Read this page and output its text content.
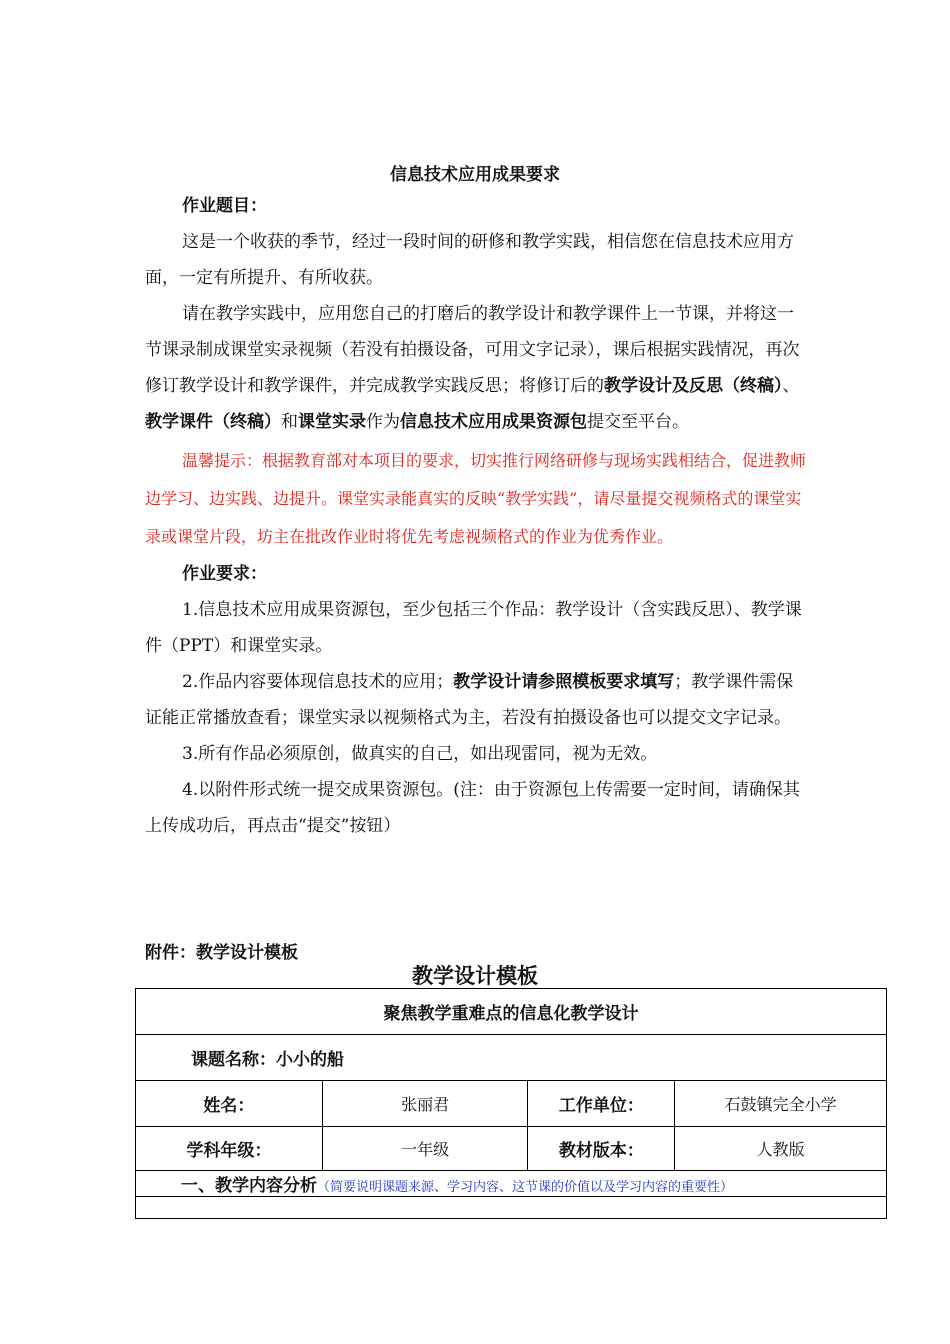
信息技术应用成果要求
作业题目：

这是一个收获的季节，经过一段时间的研修和教学实践，相信您在信息技术应用方面，一定有所提升、有所收获。

请在教学实践中，应用您自己的打磨后的教学设计和教学课件上一节课，并将这一节课录制成课堂实录视频（若没有拍摄设备，可用文字记录），课后根据实践情况，再次修订教学设计和教学课件，并完成教学实践反思；将修订后的教学设计及反思（终稿）、教学课件（终稿）和课堂实录作为信息技术应用成果资源包提交至平台。

温馨提示：根据教育部对本项目的要求，切实推行网络研修与现场实践相结合，促进教师边学习、边实践、边提升。课堂实录能真实的反映“教学实践”，请尽量提交视频格式的课堂实录或课堂片段，坊主在批改作业时将优先考虑视频格式的作业为优秀作业。

作业要求：

1.信息技术应用成果资源包，至少包括三个作品：教学设计（含实践反思）、教学课件（PPT）和课堂实录。

2.作品内容要体现信息技术的应用；教学设计请参照模板要求填写；教学课件需保证能正常播放查看；课堂实录以视频格式为主，若没有拍摄设备也可以提交文字记录。

3.所有作品必须原创，做真实的自己，如出现雷同，视为无效。

4.以附件形式统一提交成果资源包。(注：由于资源包上传需要一定时间，请确保其上传成功后，再点击“提交”按钮）

附件：教学设计模板
教学设计模板
聚焦教学重难点的信息化教学设计			
课题名称：小小的船			
姓名：	张丽君	工作单位：	石鼓镇完全小学
学科年级：	一年级	教材版本：	人教版
一、教学内容分析（简要说明课题来源、学习内容、这节课的价值以及学习内容的重要性）			
